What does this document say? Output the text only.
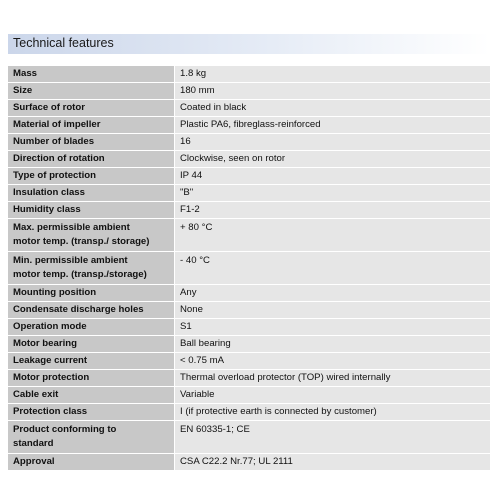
Technical features
Mass	1.8 kg
Size	180 mm
Surface of rotor	Coated in black
Material of impeller	Plastic PA6, fibreglass-reinforced
Number of blades	16
Direction of rotation	Clockwise, seen on rotor
Type of protection	IP 44
Insulation class	"B"
Humidity class	F1-2
Max. permissible ambient
motor temp. (transp./ storage)	+ 80 °C
Min. permissible ambient
motor temp. (transp./storage)	- 40 °C
Mounting position	Any
Condensate discharge holes	None
Operation mode	S1
Motor bearing	Ball bearing
Leakage current	< 0.75 mA
Motor protection	Thermal overload protector (TOP) wired internally
Cable exit	Variable
Protection class	I (if protective earth is connected by customer)
Product conforming to
standard	EN 60335-1; CE
Approval	CSA C22.2 Nr.77; UL 2111
